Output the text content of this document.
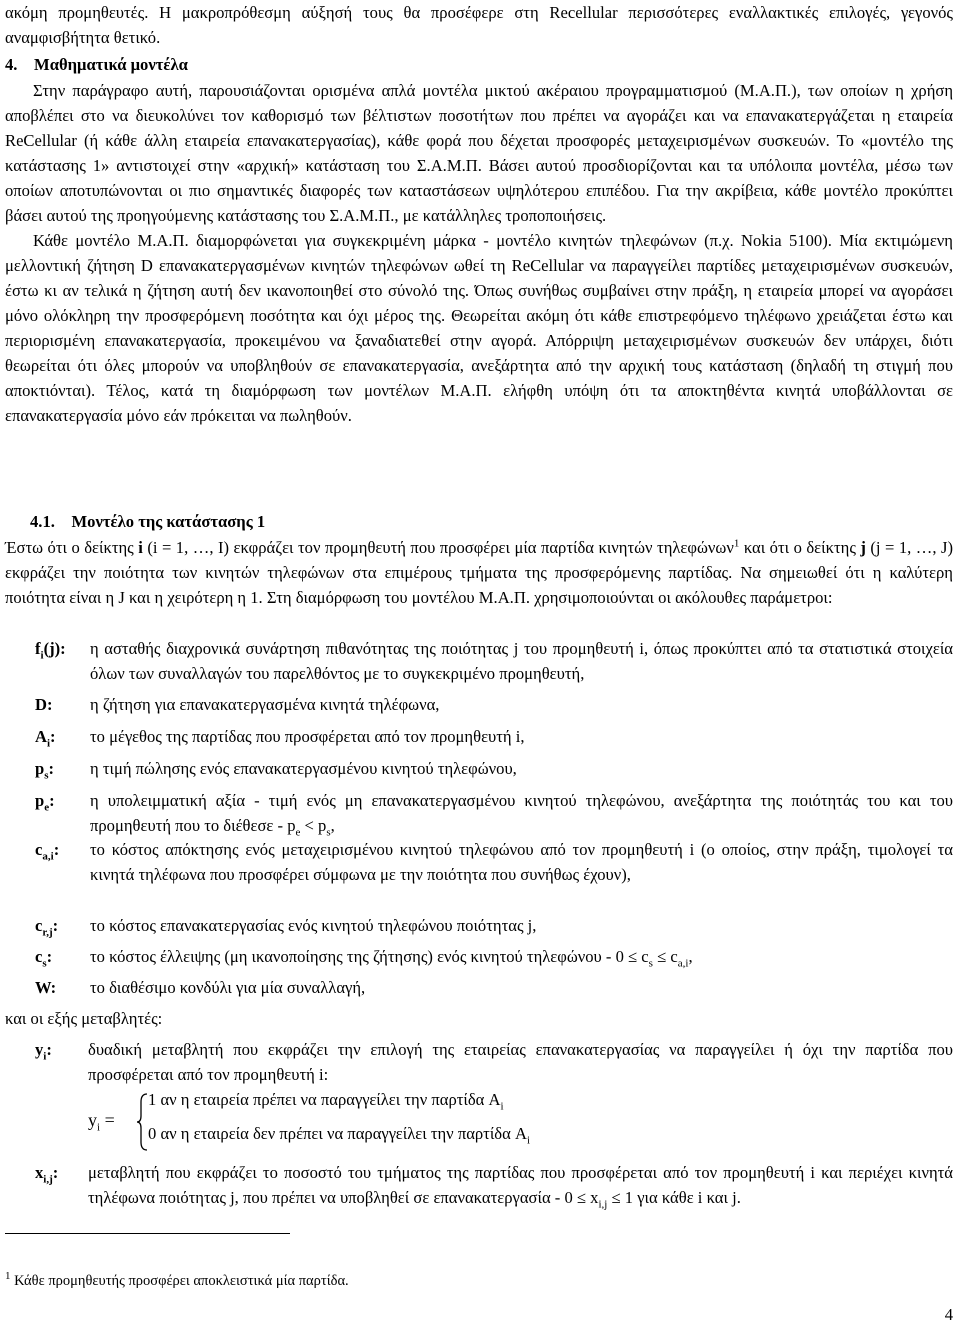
ακόμη προμηθευτές. Η μακροπρόθεσμη αύξησή τους θα προσέφερε στη Recellular περισσότερες εναλλακτικές επιλογές, γεγονός αναμφισβήτητα θετικό.

4. Μαθηματικά μοντέλα

Στην παράγραφο αυτή, παρουσιάζονται ορισμένα απλά μοντέλα μικτού ακέραιου προγραμματισμού (Μ.Α.Π.), των οποίων η χρήση αποβλέπει στο να διευκολύνει τον καθορισμό των βέλτιστων ποσοτήτων που πρέπει να αγοράζει και να επανακατεργάζεται η εταιρεία ReCellular (ή κάθε άλλη εταιρεία επανακατεργασίας), κάθε φορά που δέχεται προσφορές μεταχειρισμένων συσκευών. Το «μοντέλο της κατάστασης 1» αντιστοιχεί στην «αρχική» κατάσταση του Σ.Α.Μ.Π. Βάσει αυτού προσδιορίζονται και τα υπόλοιπα μοντέλα, μέσω των οποίων αποτυπώνονται οι πιο σημαντικές διαφορές των καταστάσεων υψηλότερου επιπέδου. Για την ακρίβεια, κάθε μοντέλο προκύπτει βάσει αυτού της προηγούμενης κατάστασης του Σ.Α.Μ.Π., με κατάλληλες τροποποιήσεις.

Κάθε μοντέλο Μ.Α.Π. διαμορφώνεται για συγκεκριμένη μάρκα - μοντέλο κινητών τηλεφώνων (π.χ. Nokia 5100). Μία εκτιμώμενη μελλοντική ζήτηση D επανακατεργασμένων κινητών τηλεφώνων ωθεί τη ReCellular να παραγγείλει παρτίδες μεταχειρισμένων συσκευών, έστω κι αν τελικά η ζήτηση αυτή δεν ικανοποιηθεί στο σύνολό της. Όπως συνήθως συμβαίνει στην πράξη, η εταιρεία μπορεί να αγοράσει μόνο ολόκληρη την προσφερόμενη ποσότητα και όχι μέρος της. Θεωρείται ακόμη ότι κάθε επιστρεφόμενο τηλέφωνο χρειάζεται έστω και περιορισμένη επανακατεργασία, προκειμένου να ξαναδιατεθεί στην αγορά. Απόρριψη μεταχειρισμένων συσκευών δεν υπάρχει, διότι θεωρείται ότι όλες μπορούν να υποβληθούν σε επανακατεργασία, ανεξάρτητα από την αρχική τους κατάσταση (δηλαδή τη στιγμή που αποκτιόνται). Τέλος, κατά τη διαμόρφωση των μοντέλων Μ.Α.Π. ελήφθη υπόψη ότι τα αποκτηθέντα κινητά υποβάλλονται σε επανακατεργασία μόνο εάν πρόκειται να πωληθούν.

4.1. Μοντέλο της κατάστασης 1

Έστω ότι ο δείκτης i (i = 1, …, I) εκφράζει τον προμηθευτή που προσφέρει μία παρτίδα κινητών τηλεφώνων$^1$ και ότι ο δείκτης j (j = 1, …, J) εκφράζει την ποιότητα των κινητών τηλεφώνων στα επιμέρους τμήματα της προσφερόμενης παρτίδας. Να σημειωθεί ότι η καλύτερη ποιότητα είναι η J και η χειρότερη η 1. Στη διαμόρφωση του μοντέλου Μ.Α.Π. χρησιμοποιούνται οι ακόλουθες παράμετροι:

$f_i(j)$: η ασταθής διαχρονικά συνάρτηση πιθανότητας της ποιότητας j του προμηθευτή i, όπως προκύπτει από τα στατιστικά στοιχεία όλων των συναλλαγών του παρελθόντος με το συγκεκριμένο προμηθευτή,
D: η ζήτηση για επανακατεργασμένα κινητά τηλέφωνα,
$A_i$: το μέγεθος της παρτίδας που προσφέρεται από τον προμηθευτή i,
$p_s$: η τιμή πώλησης ενός επανακατεργασμένου κινητού τηλεφώνου,
$p_e$: η υπολειμματική αξία - τιμή ενός μη επανακατεργασμένου κινητού τηλεφώνου, ανεξάρτητα της ποιότητάς του και του προμηθευτή που το $\delta\iota έ\theta\varepsilon\sigma\varepsilon - p_e < p_s$,
$c_{a,i}$: το κόστος απόκτησης ενός μεταχειρισμένου κινητού τηλεφώνου από τον προμηθευτή i (ο οποίος, στην πράξη, τιμολογεί τα κινητά τηλέφωνα που προσφέρει σύμφωνα με την ποιότητα που συνήθως έχουν),
$c_{r,j}$: το κόστος επανακατεργασίας ενός κινητού τηλεφώνου ποιότητας j,
$c_s$: το κόστος έλλειψης (μη ικανοποίησης της ζήτησης) ενός κινητού $\tau\eta\lambda\varepsilon\varphi ώ\nu o\upsilon - 0 \le c_s \le c_{a,i}$,
W: το διαθέσιμο κονδύλι για μία συναλλαγή,
και οι εξής μεταβλητές:
$y_i$: δυαδική μεταβλητή που εκφράζει την επιλογή της εταιρείας επανακατεργασίας να παραγγείλει ή όχι την παρτίδα που προσφέρεται από τον προμηθευτή i:
$y_i$ =
1 αν η εταιρεία πρέπει να παραγγείλει την παρτίδα $A_i$
0 αν η εταιρεία δεν πρέπει να παραγγείλει την παρτίδα $A_i$
$x_{i,j}$: μεταβλητή που εκφράζει το ποσοστό του τμήματος της παρτίδας που προσφέρεται από τον προμηθευτή i και περιέχει κινητά τηλέφωνα ποιότητας j, που πρέπει να υποβληθεί σε $\varepsilon\pi\alpha\nu\alpha\kappa\alpha\tau\varepsilon\rho\gamma\alpha\sigma ί\alpha - 0 \le x_{i,j} \le 1$ για κάθε i και j.
$^1$ Κάθε προμηθευτής προσφέρει αποκλειστικά μία παρτίδα.
4
